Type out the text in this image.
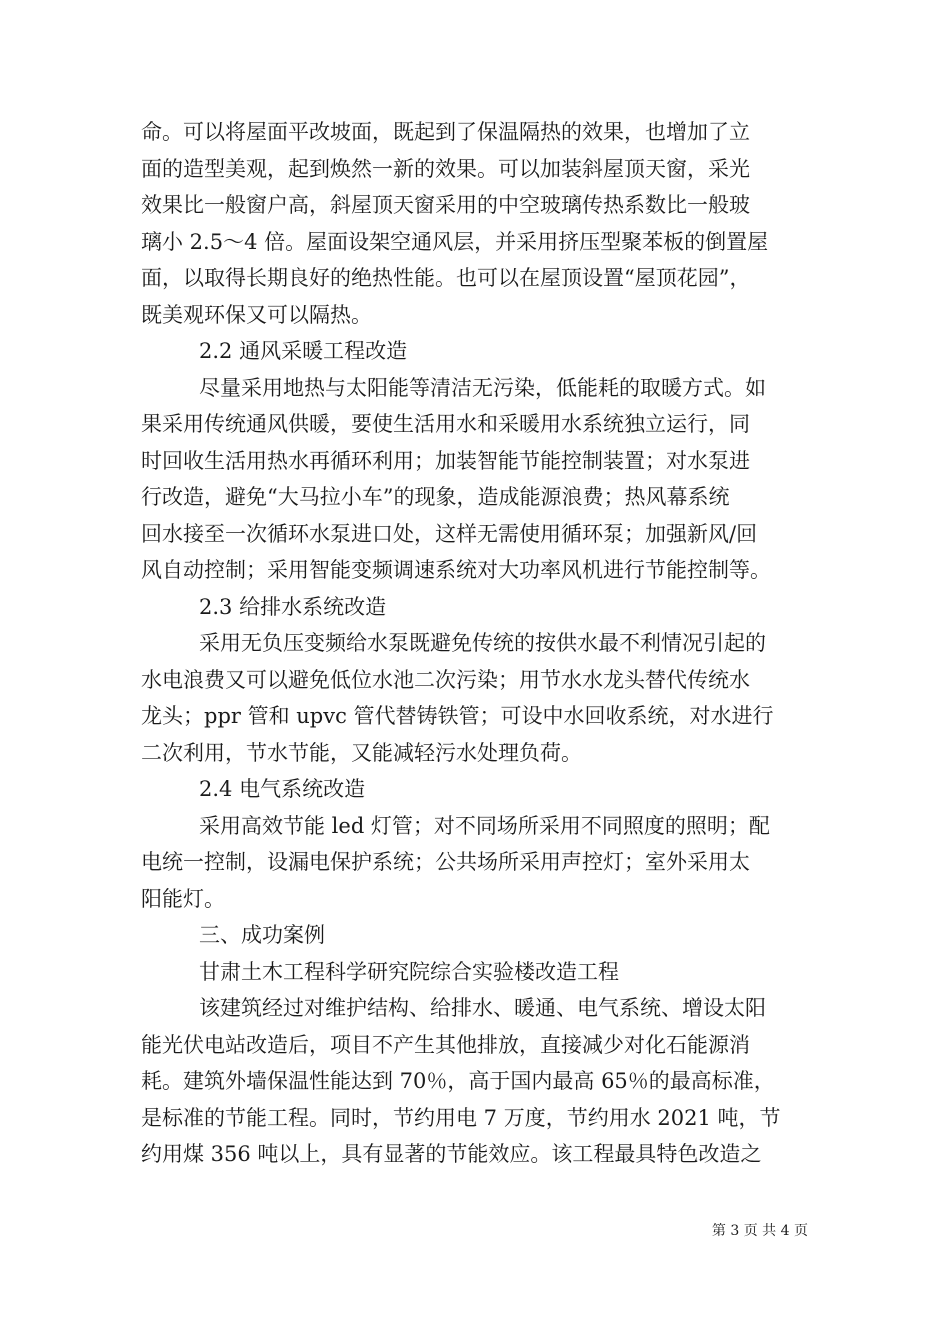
命。可以将屋面平改坡面，既起到了保温隔热的效果，也增加了立
面的造型美观，起到焕然一新的效果。可以加装斜屋顶天窗，采光
效果比一般窗户高，斜屋顶天窗采用的中空玻璃传热系数比一般玻
璃小 2.5～4 倍。屋面设架空通风层，并采用挤压型聚苯板的倒置屋
面，以取得长期良好的绝热性能。也可以在屋顶设置“屋顶花园”，
既美观环保又可以隔热。
2.2 通风采暖工程改造
尽量采用地热与太阳能等清洁无污染，低能耗的取暖方式。如
果采用传统通风供暖，要使生活用水和采暖用水系统独立运行，同
时回收生活用热水再循环利用；加装智能节能控制装置；对水泵进
行改造，避免“大马拉小车”的现象，造成能源浪费；热风幕系统
回水接至一次循环水泵进口处，这样无需使用循环泵；加强新风/回
风自动控制；采用智能变频调速系统对大功率风机进行节能控制等。
2.3 给排水系统改造
采用无负压变频给水泵既避免传统的按供水最不利情况引起的
水电浪费又可以避免低位水池二次污染；用节水水龙头替代传统水
龙头；ppr 管和 upvc 管代替铸铁管；可设中水回收系统，对水进行
二次利用，节水节能，又能减轻污水处理负荷。
2.4 电气系统改造
采用高效节能 led 灯管；对不同场所采用不同照度的照明；配
电统一控制，设漏电保护系统；公共场所采用声控灯；室外采用太
阳能灯。
三、成功案例
甘肃土木工程科学研究院综合实验楼改造工程
该建筑经过对维护结构、给排水、暖通、电气系统、增设太阳
能光伏电站改造后，项目不产生其他排放，直接减少对化石能源消
耗。建筑外墙保温性能达到 70％，高于国内最高 65％的最高标准，
是标准的节能工程。同时，节约用电 7 万度，节约用水 2021 吨，节
约用煤 356 吨以上，具有显著的节能效应。该工程最具特色改造之
第 3 页 共 4 页
